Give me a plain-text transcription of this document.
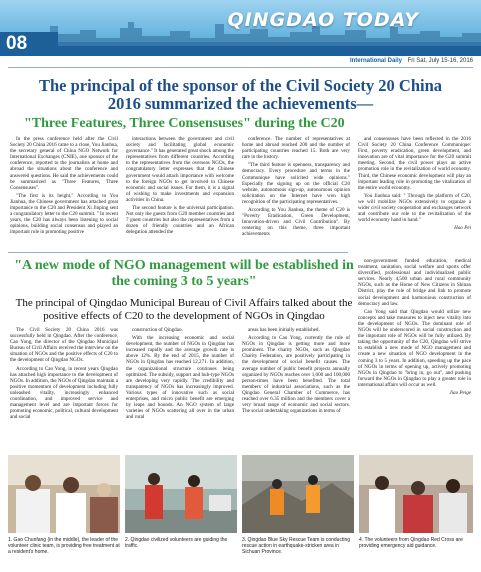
QINGDAO TODAY
08
International Daily Fri Sat, July 15-16, 2016
The principal of the sponsor of the Civil Society 20 China 2016 summarized the achievements—
"Three Features, Three Consensuses" during the C20

In the press conference held after the Civil Society 20 China 2016 came to a close, You Jianhua, the secretary general of China NGO Network for International Exchanges (CNIE), one sponsor of the conference, reported to the journalists at home and abroad the situations about the conference and answered questions. He said the achievements could be summarized as "Three Features, Three Consensuses".

"The first is its height," According to You Jianhua, the Chinese government has attached great importance to the C20 and President Xi Jinping sent a congratulatory letter to the C20 summit. " In recent years, the C20 has always been listening to social opinions, building social consensus and played an important role in promoting positive

interactions between the government and civil society and facilitating global economic governance." It has generated great shock among the representatives from different countries. According to the representatives from the overseas NGOs, the congratulatory letter expresses that the Chinese government would attach importance with welcome to the foreign NGOs to get involved in Chinese economic and social issues. For them, it is a signal of wishing to make investments and expansion activities in China.

The second feature is the universal participation. Not only the guests from G20 member countries and 7 guest countries but also the representatives from a dozen of friendly countries and an African delegation attended the

conference. The number of representatives at home and abroad reached 200 and the number of participating countries reached 15. Both are very rare in the history.

"The third feature is openness, transparency and democracy. Every procedure and terms in the Communique have solicited wide opinions." Especially the signing up on the official C20 website, autonomous sign-up, autonomous opinion solicitation on the Internet have won high recognition of the participating representatives.

According to You Jianhua, the theme of C20 is "Poverty Eradication, Green Development, Innovation-driven and Civil Contribution". By centering on this theme, three important achievements

and consensuses have been reflected in the 2016 Civil Society 20 China Conference Communique: First, poverty eradication, green development, and innovation are of vital importance for the G20 summit meeting. Second, the civil power plays an active promotion role in the revitalization of world economy. Third, the Chinese economic development will play an important leading role in promoting the vitalization of the entire world economy.

You Jianhua said: " Through the platform of C20, we will mobilize NGOs extensively to organize a wider civil society cooperation and exchanges network and contribute our role to the revitalization of the world economy hand in hand."

Hao Pei
"A new mode of NGO management will be established in the coming 3 to 5 years"
The principal of Qingdao Municipal Bureau of Civil Affairs talked about the positive effects of C20 to the development of NGOs in Qingdao

The Civil Society 20 China 2016 was successfully held in Qingdao. After the conference, Cao Yong, the director of the Qingdao Municipal Bureau of Civil Affairs received the interview on the situation of NGOs and the positive effects of C20 to the development of Qingdao NGOs.

According to Cao Yong, in recent years Qingdao has attached high importance to the development of NGOs. In addition, the NGOs of Qingdao maintain a positive momentum of development including fully unleashed vitality, increasingly enhanced coordination, and improved service and management level and are important forces for promoting economic, political, cultural development and social

construction of Qingdao.

With the increasing economic and social development, the number of NGOs in Qingdao has increased rapidly and the average growth rate is above 12%. By the end of 2015, the number of NGOs in Qingdao has reached 12,271. In addition, the organizational structure continues being optimized. The subsidy, support and hub-type NGOs are developing very rapidly. The credibility and transparency of NGOs has increasingly improved. Various types of innovative such as social enterprises, and micro public benefit are emerging by leaps and bounds. An NGO system of large varieties of NGOs scattering all over in the urban and rural

areas has been initially established.

According to Cao Yong, currently the role of NGOs in Qingdao is getting more and more prominent. The charity NGOs, such as Qingdao Charity Federation, are positively participating in the development of social benefit causes. The average number of public benefit projects annually organized by NGOs reaches over 1,000 and 100,000 person-times have been benefited. The total members of industrial associations, such as the Qingdao General Chamber of Commerce, has reached over 6.35 million and the members cover a very broad range of economic and social sectors. The social undertaking organizations in terms of

non-government funded education, medical treatment, sanitation, social welfare and sports offer diversified, professional and individualized public services. Nearly 4,500 urban and rural community NGOs, such as the Home of New Citizens in Shinan District, play the role of bridge and link to promote social development and harmonious construction of democracy and law.

Cao Yong said that Qingdao would utilize new concepts and take measures to inject new vitality into the development of NGOs. The dominant role of NGOs will be underscored in social construction and the important role of NGOs will be fully utilized. By taking the opportunity of the C20, Qingdao will strive to establish a new mode of NGO management and create a new situation of NGO development in the coming 3 to 5 years. In addition, speeding up the pace of NGOs in terms of opening up, actively promoting NGOs in Qingdao to "bring in, go out", and pushing forward the NGOs in Qingdao to play a greater role in international affairs will occur as well.

Jiao Peige
1. Gao Chunfang (in the middle), the leader of the volunteer clinic team, is providing free treatment at a resident's home.
2. Qingdao civilized volunteers are guiding the traffic.
3. Qingdao Blue Sky Rescue Team is conducting rescue action in earthquake-stricken area in Sichuan Province.
4. The volunteers from Qingdao Red Cross are providing emergency aid guidance.
